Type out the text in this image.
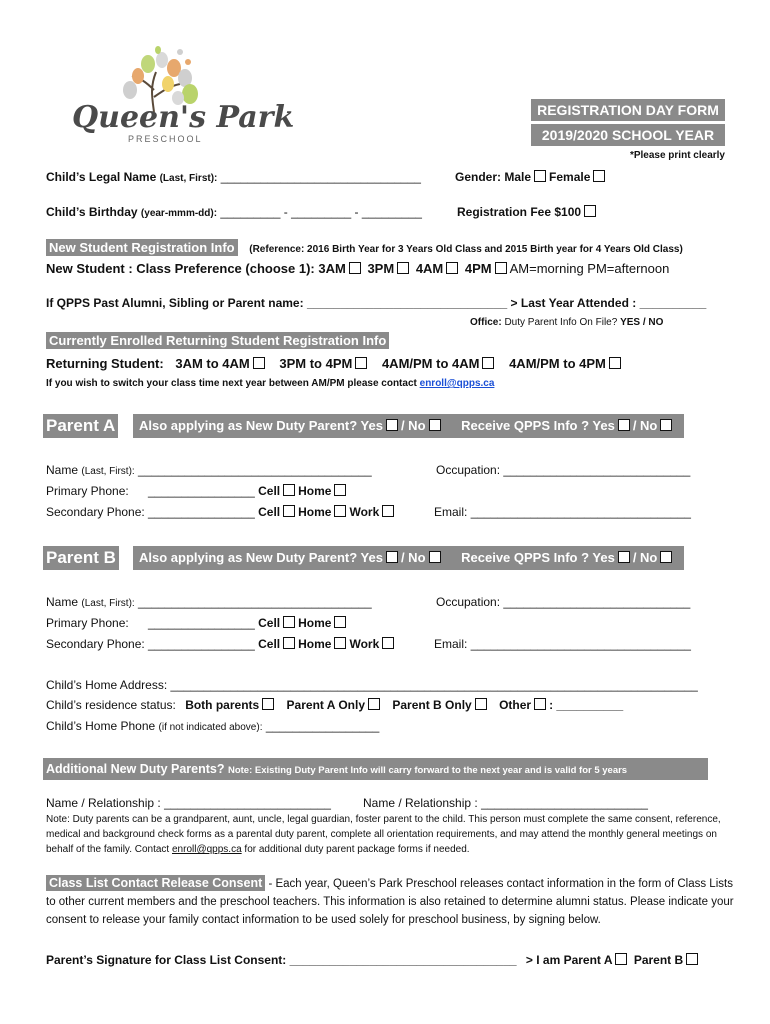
Queen's Park
PRESCHOOL
REGISTRATION DAY FORM
2019/2020 SCHOOL YEAR
*Please print clearly
Child’s Legal Name (Last, First): ______________________________	Gender: Male Female
Child’s Birthday (year-mmm-dd): _________ - _________ - _________	Registration Fee $100
New Student Registration Info (Reference: 2016 Birth Year for 3 Years Old Class and 2015 Birth year for 4 Years Old Class)
New Student : Class Preference (choose 1): 3AM 3PM 4AM 4PM AM=morning PM=afternoon
If QPPS Past Alumni, Sibling or Parent name: ______________________________ > Last Year Attended : __________
Office: Duty Parent Info On File? YES / NO
Currently Enrolled Returning Student Registration Info
Returning Student: 3AM to 4AM 3PM to 4PM 4AM/PM to 4AM 4AM/PM to 4PM
If you wish to switch your class time next year between AM/PM please contact enroll@qpps.ca
Parent A	Also applying as New Duty Parent? Yes / No	Receive QPPS Info ? Yes / No
Name (Last, First): ___________________________________	Occupation: ____________________________
Primary Phone: ________________ Cell Home
Secondary Phone: ________________ Cell Home Work	Email: _________________________________
Parent B	Also applying as New Duty Parent? Yes / No	Receive QPPS Info ? Yes / No
Name (Last, First): ___________________________________	Occupation: ____________________________
Primary Phone: ________________ Cell Home
Secondary Phone: ________________ Cell Home Work	Email: _________________________________
Child’s Home Address: _______________________________________________________________________________
Child’s residence status: Both parents Parent A Only Parent B Only Other : __________
Child’s Home Phone (if not indicated above): _________________
Additional New Duty Parents? Note: Existing Duty Parent Info will carry forward to the next year and is valid for 5 years
Name / Relationship : _________________________	Name / Relationship : _________________________
Note: Duty parents can be a grandparent, aunt, uncle, legal guardian, foster parent to the child. This person must complete the same consent, reference, medical and background check forms as a parental duty parent, complete all orientation requirements, and may attend the monthly general meetings on behalf of the family. Contact enroll@qpps.ca for additional duty parent package forms if needed.
Class List Contact Release Consent - Each year, Queen’s Park Preschool releases contact information in the form of Class Lists to other current members and the preschool teachers. This information is also retained to determine alumni status. Please indicate your consent to release your family contact information to be used solely for preschool business, by signing below.
Parent’s Signature for Class List Consent: __________________________________ > I am Parent A Parent B
